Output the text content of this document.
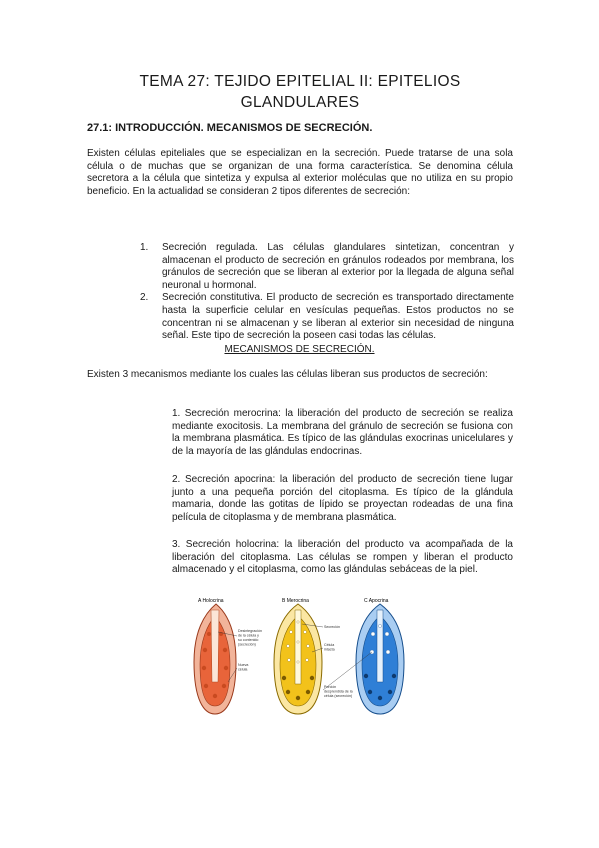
TEMA 27: TEJIDO EPITELIAL II: EPITELIOS GLANDULARES
27.1: INTRODUCCIÓN. MECANISMOS DE SECRECIÓN.

Existen células epiteliales que se especializan en la secreción. Puede tratarse de una sola célula o de muchas que se organizan de una forma característica. Se denomina célula secretora a la célula que sintetiza y expulsa al exterior moléculas que no utiliza en su propio beneficio. En la actualidad se consideran 2 tipos diferentes de secreción:

1. Secreción regulada. Las células glandulares sintetizan, concentran y almacenan el producto de secreción en gránulos rodeados por membrana, los gránulos de secreción que se liberan al exterior por la llegada de alguna señal neuronal u hormonal.
2. Secreción constitutiva. El producto de secreción es transportado directamente hasta la superficie celular en vesículas pequeñas. Estos productos no se concentran ni se almacenan y se liberan al exterior sin necesidad de ninguna señal. Este tipo de secreción la poseen casi todas las células.
MECANISMOS DE SECRECIÓN.

Existen 3 mecanismos mediante los cuales las células liberan sus productos de secreción:

1. Secreción merocrina: la liberación del producto de secreción se realiza mediante exocitosis. La membrana del gránulo de secreción se fusiona con la membrana plasmática. Es típico de las glándulas exocrinas unicelulares y de la mayoría de las glándulas endocrinas.

2. Secreción apocrina: la liberación del producto de secreción tiene lugar junto a una pequeña porción del citoplasma. Es típico de la glándula mamaria, donde las gotitas de lípido se proyectan rodeadas de una fina película de citoplasma y de membrana plasmática.

3. Secreción holocrina: la liberación del producto va acompañada de la liberación del citoplasma. Las células se rompen y liberan el producto almacenado y el citoplasma, como las glándulas sebáceas de la piel.

A Holocrina
Desintegración
de la célula y
su contenido
(secreción)
Nueva
célula
B Merocrina
Secreción
Célula
intacta
Porción
desprendida de la
célula (secreción)
C Apocrina
